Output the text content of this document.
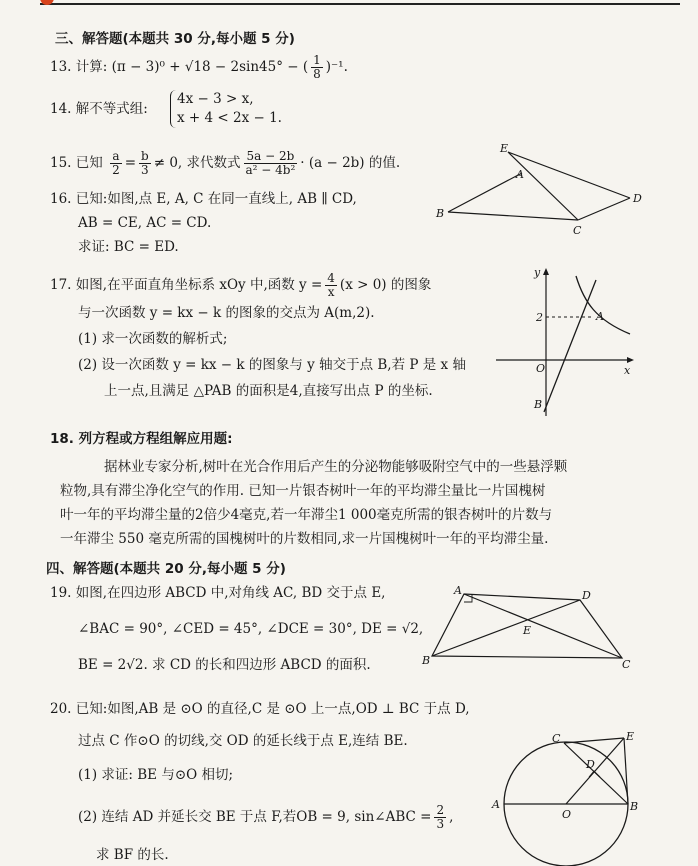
三、解答题(本题共 30 分,每小题 5 分)
13. 计算: (π − 3)⁰ + √18 − 2sin45° − ( $\frac{1}{8} )^{-1}$.
14. 解不等式组:
4x − 3 > x,
x + 4 < 2x − 1.
15. 已知 $\frac{a}{2} = \frac{b}{3} \ne 0$, 求代数式 $\frac{5a - 2b}{\text{a² − 4b²}} \cdot (a - 2b)$ 的值.
16. 已知:如图,点 E, A, C 在同一直线上, AB ∥ CD,
AB = CE, AC = CD.
求证: BC = ED.
E
A
B
C
D
17. 如图,在平面直角坐标系 xOy 中,函数 $y = \frac{4}{x} (x > 0)$ 的图象
与一次函数 y = kx − k 的图象的交点为 A(m,2).
(1) 求一次函数的解析式;
(2) 设一次函数 y = kx − k 的图象与 y 轴交于点 B,若 P 是 x 轴
上一点,且满足 △PAB 的面积是4,直接写出点 P 的坐标.
y
x
2	A
O
B
18. 列方程或方程组解应用题:
据林业专家分析,树叶在光合作用后产生的分泌物能够吸附空气中的一些悬浮颗
粒物,具有滞尘净化空气的作用. 已知一片银杏树叶一年的平均滞尘量比一片国槐树
叶一年的平均滞尘量的2倍少4毫克,若一年滞尘1 000毫克所需的银杏树叶的片数与
一年滞尘 550 毫克所需的国槐树叶的片数相同,求一片国槐树叶一年的平均滞尘量.
四、解答题(本题共 20 分,每小题 5 分)
19. 如图,在四边形 ABCD 中,对角线 AC, BD 交于点 E,
∠BAC = 90°, ∠CED = 45°, ∠DCE = 30°, DE = √2,
BE = 2√2. 求 CD 的长和四边形 ABCD 的面积.
A	D
E
B	C
20. 已知:如图,AB 是 ⊙O 的直径,C 是 ⊙O 上一点,OD ⊥ BC 于点 D,
过点 C 作⊙O 的切线,交 OD 的延长线于点 E,连结 BE.
(1) 求证: BE 与⊙O 相切;
(2) 连结 AD 并延长交 BE 于点 F,若OB = 9, sin∠ABC = $\frac{2}{3}$ ,
求 BF 的长.
C	E
D
A
O
B
